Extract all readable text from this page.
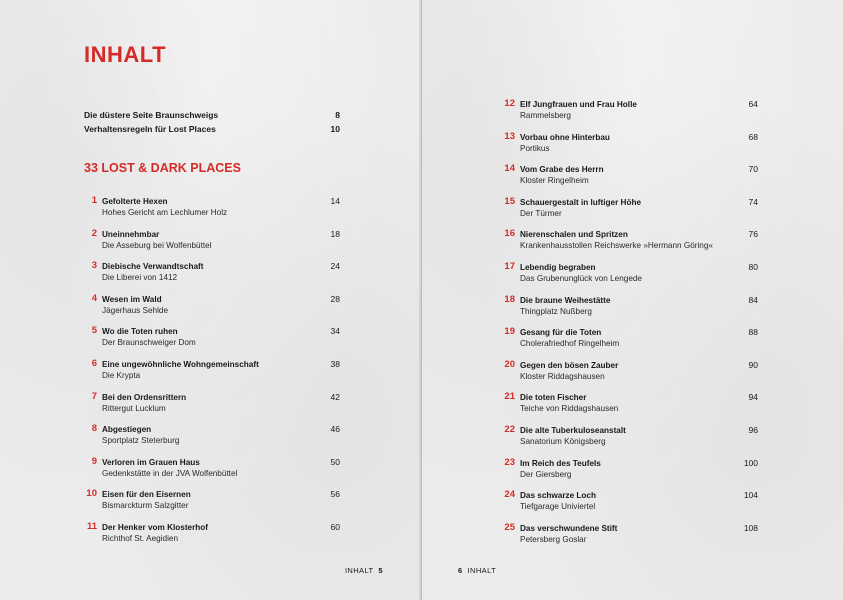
INHALT
Die düstere Seite Braunschweigs	8
Verhaltensregeln für Lost Places	10
33 LOST & DARK PLACES
1 Gefolterte Hexen
Hohes Gericht am Lechlumer Holz
14
2 Uneinnehmbar
Die Asseburg bei Wolfenbüttel
18
3 Diebische Verwandtschaft
Die Liberei von 1412
24
4 Wesen im Wald
Jägerhaus Sehlde
28
5 Wo die Toten ruhen
Der Braunschweiger Dom
34
6 Eine ungewöhnliche Wohngemeinschaft
Die Krypta
38
7 Bei den Ordensrittern
Rittergut Lucklum
42
8 Abgestiegen
Sportplatz Steterburg
46
9 Verloren im Grauen Haus
Gedenkstätte in der JVA Wolfenbüttel
50
10 Eisen für den Eisernen
Bismarckturm Salzgitter
56
11 Der Henker vom Klosterhof
Richthof St. Aegidien
60
INHALT 5
12 Elf Jungfrauen und Frau Holle
Rammelsberg
64
13 Vorbau ohne Hinterbau
Portikus
68
14 Vom Grabe des Herrn
Kloster Ringelheim
70
15 Schauergestalt in luftiger Höhe
Der Türmer
74
16 Nierenschalen und Spritzen
Krankenhausstollen Reichswerke »Hermann Göring«
76
17 Lebendig begraben
Das Grubenunglück von Lengede
80
18 Die braune Weihestätte
Thingplatz Nußberg
84
19 Gesang für die Toten
Cholerafriedhof Ringelheim
88
20 Gegen den bösen Zauber
Kloster Riddagshausen
90
21 Die toten Fischer
Teiche von Riddagshausen
94
22 Die alte Tuberkuloseanstalt
Sanatorium Königsberg
96
23 Im Reich des Teufels
Der Giersberg
100
24 Das schwarze Loch
Tiefgarage Univiertel
104
25 Das verschwundene Stift
Petersberg Goslar
108
6 INHALT
